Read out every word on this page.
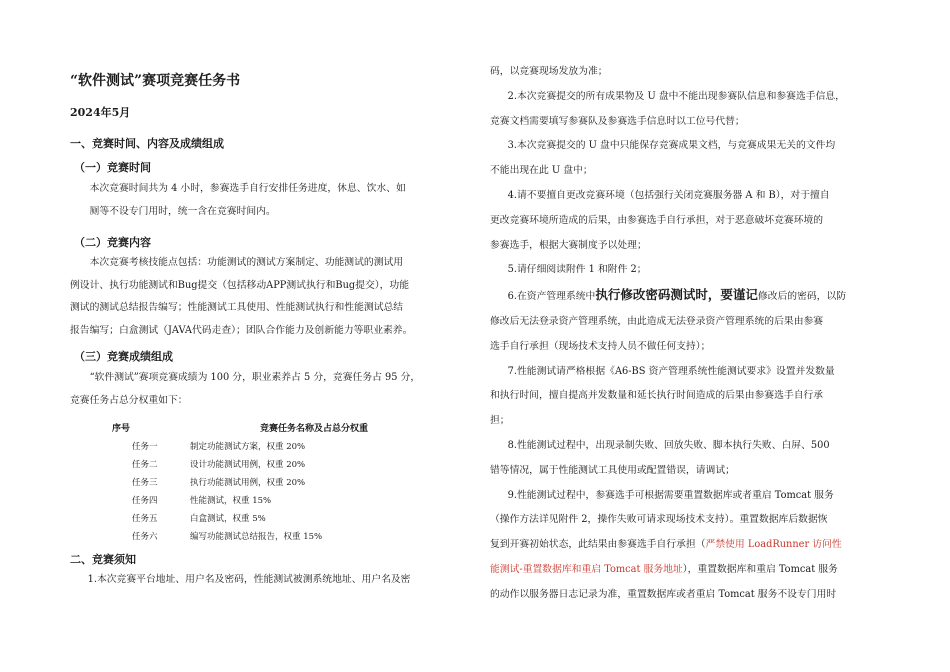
“软件测试”赛项竞赛任务书
2024年5月
一、竞赛时间、内容及成绩组成
（一）竞赛时间
本次竞赛时间共为 4 小时，参赛选手自行安排任务进度，休息、饮水、如
厕等不设专门用时，统一含在竞赛时间内。
（二）竞赛内容
本次竞赛考核技能点包括：功能测试的测试方案制定、功能测试的测试用
例设计、执行功能测试和Bug提交（包括移动APP测试执行和Bug提交），功能
测试的测试总结报告编写；性能测试工具使用、性能测试执行和性能测试总结
报告编写；白盒测试（JAVA代码走查）；团队合作能力及创新能力等职业素养。
（三）竞赛成绩组成
“软件测试”赛项竞赛成绩为 100 分，职业素养占 5 分，竞赛任务占 95 分，
竞赛任务占总分权重如下：
序号	竞赛任务名称及占总分权重
任务一	制定功能测试方案，权重 20%
任务二	设计功能测试用例，权重 20%
任务三	执行功能测试用例，权重 20%
任务四	性能测试，权重 15%
任务五	白盒测试，权重 5%
任务六	编写功能测试总结报告，权重 15%
二、竞赛须知
1.本次竞赛平台地址、用户名及密码，性能测试被测系统地址、用户名及密
码，以竞赛现场发放为准；
2.本次竞赛提交的所有成果物及 U 盘中不能出现参赛队信息和参赛选手信息，
竞赛文档需要填写参赛队及参赛选手信息时以工位号代替；
3.本次竞赛提交的 U 盘中只能保存竞赛成果文档，与竞赛成果无关的文件均
不能出现在此 U 盘中；
4.请不要擅自更改竞赛环境（包括强行关闭竞赛服务器 A 和 B），对于擅自
更改竞赛环境所造成的后果，由参赛选手自行承担，对于恶意破坏竞赛环境的
参赛选手，根据大赛制度予以处理；
5.请仔细阅读附件 1 和附件 2；
6.在资产管理系统中执行修改密码测试时，要谨记修改后的密码，以防
修改后无法登录资产管理系统，由此造成无法登录资产管理系统的后果由参赛
选手自行承担（现场技术支持人员不做任何支持）；
7.性能测试请严格根据《A6-BS 资产管理系统性能测试要求》设置并发数量
和执行时间，擅自提高并发数量和延长执行时间造成的后果由参赛选手自行承
担；
8.性能测试过程中，出现录制失败、回放失败、脚本执行失败、白屏、500
错等情况，属于性能测试工具使用或配置错误，请调试；
9.性能测试过程中，参赛选手可根据需要重置数据库或者重启 Tomcat 服务
（操作方法详见附件 2，操作失败可请求现场技术支持）。重置数据库后数据恢
复到开赛初始状态，此结果由参赛选手自行承担（严禁使用 LoadRunner 访问性
能测试-重置数据库和重启 Tomcat 服务地址），重置数据库和重启 Tomcat 服务
的动作以服务器日志记录为准，重置数据库或者重启 Tomcat 服务不设专门用时
